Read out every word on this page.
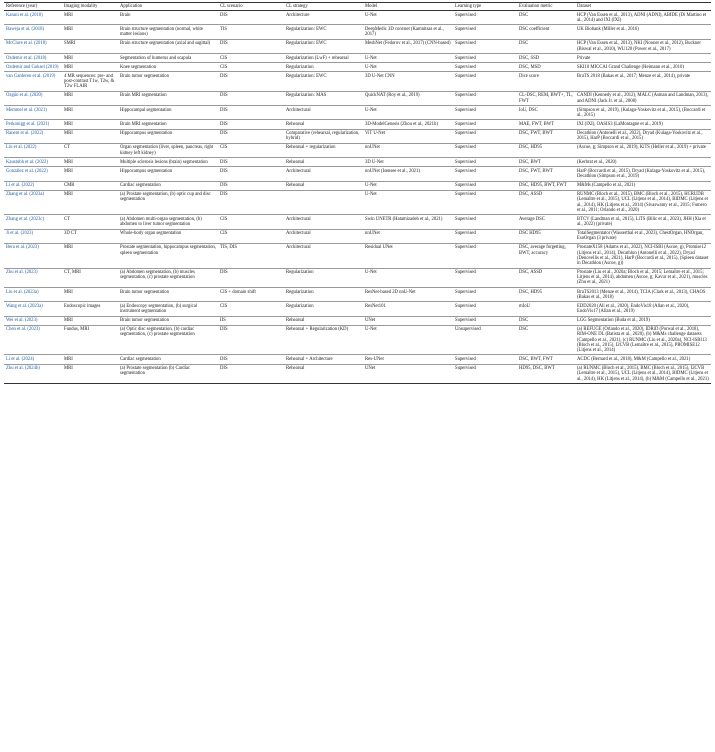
Reference (year)	Imaging modality	Application	CL scenario	CL strategy	Model	Learning type	Evaluation metric	Dataset
Karani et al. (2018)	MRI	Brain	DIS	Architecture	U-Net	Supervised	DSC	HCP (Van Essen et al., 2013), ADNI (ADNI), ABIDE (Di Martino et al., 2014) and IXI (IXI)
Baweja et al. (2018)	MRI	Brain structure segmentation (normal, white matter lesions)	TIS	Regularization: EWC	DeepMedic 3D convnet (Kamnitsas et al., 2017)	Supervised	DSC coefficient	UK Biobank (Miller et al., 2016)
McClure et al. (2018)	SMRI	Brain structure segmentation (axial and sagittal)	DIS	Regularization: EWC	MeshNet (Fedorov et al., 2017) (CNN-based)	Supervised	DSC	HCP (Van Essen et al., 2013), NKI (Nooner et al., 2012), Buckner (Biswal et al., 2010), WU120 (Power et al., 2017)
Ozdemir et al. (2018)	MRI	Segmentation of humerus and scapula	CIS	Regularization (LwF) + rehearsal	U-Net	Supervised	DSC, SSD	Private
Ozdemir and Goksel (2019)	MRI	Knee segmentation	CIS	Regularization	U-Net	Supervised	DSC, MSD	SKI10 MICCAI Grand Challenge (Heimann et al., 2010)
van Garderen et al. (2019)	4 MR sequences: pre- and post-contrast T1w, T2w, & T2w FLAIR	Brain tumor segmentation	DIS	Regularization: EWC	3D U-Net CNN	Supervised	Dice score	BraTS 2018 (Bakas et al., 2017; Menze et al., 2014), private
Özgün et al. (2020)	MRI	Brain MRI segmentation	DIS	Regularization: MAS	QuickNAT (Roy et al., 2019)	Supervised	CL-DSC, REM, BWT+, TL, FWT	CANDI (Kennedy et al., 2012), MALC (Asman and Landman, 2013), and ADNI (Jack Jr. et al., 2008)
Memmel et al. (2021)	MRI	Hippocampal segmentation	DIS	Architectural	U-Net	Supervised	IoU, DSC	(Simpson et al., 2019), (Kulaga-Yoskovitz et al., 2015), (Boccardi et al., 2015)
Perkonigg et al. (2021)	MRI	Brain MRI segmentation	DIS	Rehearsal	3D-ModelGenesis (Zhou et al., 2021b)	Supervised	MAE, FWT, BWT	IXI (IXI), OASIS3 (LaMontagne et al., 2019)
Ranem et al. (2022)	MRI	Hippocampus segmentation	DIS	Comparative (rehearsal, regularization, hybrid)	ViT U-Net	Supervised	DSC, FWT, BWT	Decathlon (Antonelli et al., 2022), Dryad (Kulaga-Yoskovitz et al., 2015), HarP (Boccardi et al., 2015)
Liu et al. (2022)	CT	Organ segmentation (liver, spleen, pancreas, right kidney left kidney)	CIS	Rehearsal + regularization	nnUNet	Supervised	DSC, HD95	(Ascoe, g; Simpson et al., 2019), KiTS (Heller et al., 2019) + private
Kaustubh et al. (2022)	MRI	Multiple sclerosis lesions (brain) segmentation	DIS	Rehearsal	3D U-Net	Supervised	DSC, BWT	(Kerbrat et al., 2020)
González et al. (2022)	MRI	Hippocampus segmentation	DIS	Architectural	nnUNet (Isensee et al., 2021)	Supervised	DSC, FWT, BWT	HarP (Boccardi et al., 2015), Dryad (Kulaga-Yoskovitz et al., 2015), Decathlon (Simpson et al., 2019)
Li et al. (2022)	CMR	Cardiac segmentation	DIS	Rehearsal	U-Net	Supervised	DSC, HD95, BWT, FWT	M&Ms (Campello et al., 2021)
Zhang et al. (2023a)	MRI	(a) Prostate segmentation, (b) optic cup and disc segmentation	DIS		U-Net	Supervised	DSC, ASSD	RUNMC (Bloch et al., 2015), BMC (Bloch et al., 2015), HCRUDB (Lemaître et al., 2015), UCL (Litjens et al., 2014), BIDMC (Litjens et al., 2014), HK (Litjens et al., 2014) (Sivaswamy et al., 2015; Fumero et al., 2011; Orlando et al., 2020)
Zhang et al. (2023c)	CT	(a) Abdomen multi-organ segmentation, (b) abdomen to liver tumor segmentation	CIS	Architectural	Swin UNETR (Hatamizadeh et al., 2021)	Supervised	Average DSC	BTCV (Landman et al., 2015), LiTS (Bilic et al., 2023), JHH (Xia et al., 2022) (private)
Ji et al. (2023)	3D CT	Whole-body organ segmentation	CIS	Architectural	nnUNet	Supervised	DSC HD95	TotalSegmentator (Wasserthal et al., 2023), ChestOrgan, HNOrgan, EsoOrgan (3 private)
Bera et al. (2023)	MRI	Prostate segmentation, hippocampus segmentation, spleen segmentation	TIS, DIS	Architectural	Residual UNet	Supervised	DSC, average forgetting, BWT, accuracy	ProstateX158 (Adams et al., 2022), NCI-ISBI (Ascoe, g), Promise12 (Litjens et al., 2014), Decathlon (Antonelli et al., 2022), Dryad (Denovellis et al., 2021), HarP (Boccardi et al., 2015), (Spleen dataset in Decathlon (Ascoe, g))
Zhu et al. (2023)	CT, MRI	(a) Abdomen segmentation, (b) muscles segmentation, (c) prostate segmentation	DIS	Regularization	U-Net	Supervised	DSC, ASSD	Prostate (Liu et al., 2020a; Bloch et al., 2015; Lemaître et al., 2015; Litjens et al., 2014), abdomen (Ascoe, g; Kavur et al., 2021), muscles (Zhu et al., 2021)
Liu et al. (2023a)	MRI	Brain tumor segmentation	CIS + domain shift	Regularization	ResNet-based 2D nnU-Net	Supervised	DSC, HD95	BraTS2013 (Menze et al., 2014), TCIA (Clark et al., 2013), CHAOS (Bakas et al., 2018)
Wang et al. (2023a)	Endoscopic images	(a) Endoscopy segmentation, (b) surgical instrument segmentation	CIS	Regularization	ResNet101	Supervised	mIoU	EDD2020 (Ali et al., 2020), EndoVis18 (Allan et al., 2020), EndoVis17 (Allan et al., 2019)
Wei et al. (2023)	MRI	Brain tumor segmentation	IIS	Rehearsal	UNet	Supervised	DSC	LGG Segmentation (Buda et al., 2019)
Chen et al. (2023)	Fundus, MRI	(a) Optic disc segmentation, (b) cardiac segmentation, (c) prostate segmentation	DIS	Rehearsal + Regularization (KD)	U-Net	Unsupervised	DSC	(a) REFUGE (Orlando et al., 2020), IDRiD (Porwal et al., 2018), RIM-ONE DL (Batista et al., 2020), (b) M&Ms challenge datasets (Campello et al., 2021), (c) RUNMC (Liu et al., 2020a), NCI-ISBI13 (Bloch et al., 2015), I2CVB (Lemaître et al., 2015), PROMISE12 (Litjens et al., 2014)
Li et al. (2024)	MRI	Cardiac segmentation	DIS	Rehearsal + Architecture	Res-UNet	Supervised	DSC, BWT, FWT	ACDC (Bernard et al., 2018), M&M (Campello et al., 2021)
Zhu et al. (2024b)	MRI	(a) Prostate segmentation (b) Cardiac segmentation	DIS	Rehearsal	UNet	Supervised	HD95, DSC, BWT	(a) RUNMC (Bloch et al., 2015), BMC (Bloch et al., 2015), I2CVB (Lemaître et al., 2015), UCL (Litjens et al., 2014), BIDMC (Litjens et al., 2014), HK (Litjens et al., 2014), (b) M&M (Campello et al., 2021)
